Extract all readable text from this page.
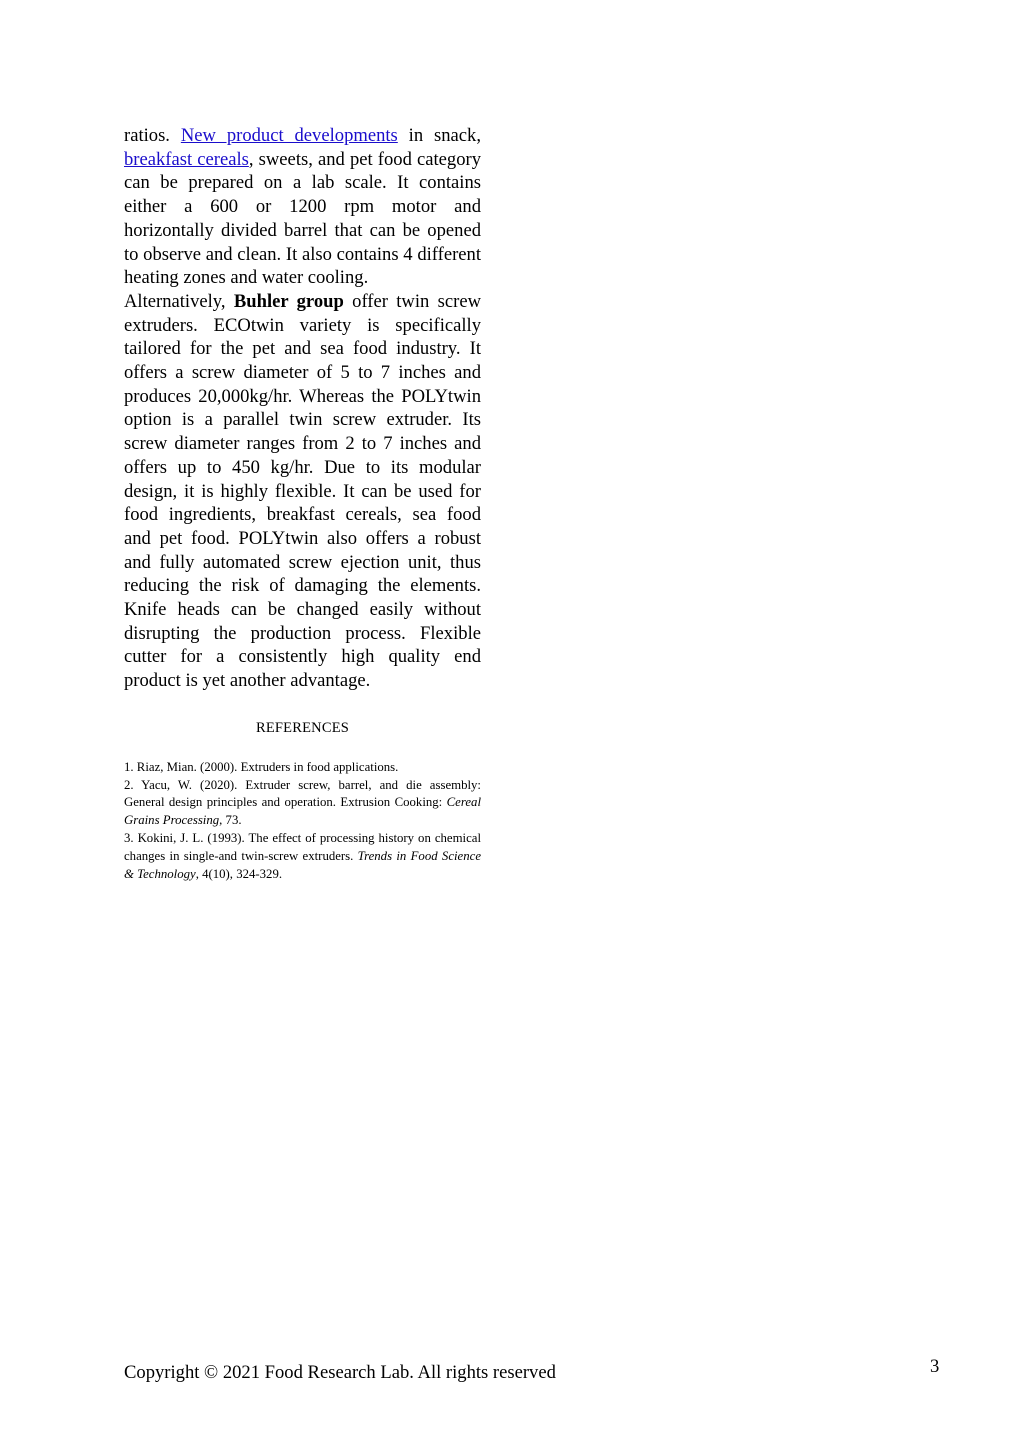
ratios. New product developments in snack, breakfast cereals, sweets, and pet food category can be prepared on a lab scale. It contains either a 600 or 1200 rpm motor and horizontally divided barrel that can be opened to observe and clean. It also contains 4 different heating zones and water cooling.

Alternatively, Buhler group offer twin screw extruders. ECOtwin variety is specifically tailored for the pet and sea food industry. It offers a screw diameter of 5 to 7 inches and produces 20,000kg/hr. Whereas the POLYtwin option is a parallel twin screw extruder. Its screw diameter ranges from 2 to 7 inches and offers up to 450 kg/hr. Due to its modular design, it is highly flexible. It can be used for food ingredients, breakfast cereals, sea food and pet food. POLYtwin also offers a robust and fully automated screw ejection unit, thus reducing the risk of damaging the elements. Knife heads can be changed easily without disrupting the production process. Flexible cutter for a consistently high quality end product is yet another advantage.

REFERENCES

1. Riaz, Mian. (2000). Extruders in food applications.

2. Yacu, W. (2020). Extruder screw, barrel, and die assembly: General design principles and operation. Extrusion Cooking: Cereal Grains Processing, 73.

3. Kokini, J. L. (1993). The effect of processing history on chemical changes in single-and twin-screw extruders. Trends in Food Science & Technology, 4(10), 324-329.

Copyright © 2021 Food Research Lab. All rights reserved	3
